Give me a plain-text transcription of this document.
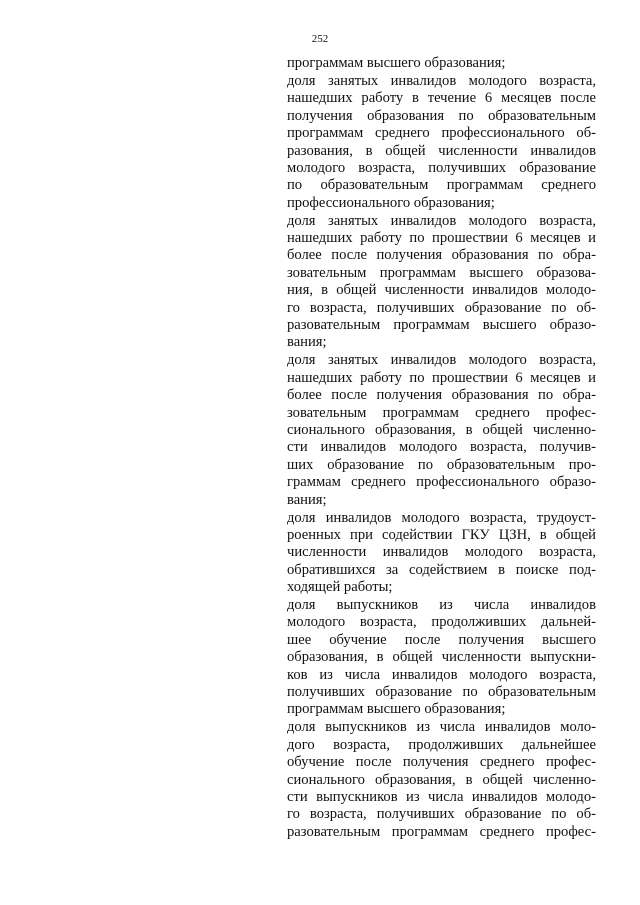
252
программам высшего образования;
доля занятых инвалидов молодого возраста,
нашедших работу в течение 6 месяцев после
получения образования по образовательным
программам среднего профессионального об-
разования, в общей численности инвалидов
молодого возраста, получивших образование
по образовательным программам среднего
профессионального образования;
доля занятых инвалидов молодого возраста,
нашедших работу по прошествии 6 месяцев и
более после получения образования по обра-
зовательным программам высшего образова-
ния, в общей численности инвалидов молодо-
го возраста, получивших образование по об-
разовательным программам высшего образо-
вания;
доля занятых инвалидов молодого возраста,
нашедших работу по прошествии 6 месяцев и
более после получения образования по обра-
зовательным программам среднего профес-
сионального образования, в общей численно-
сти инвалидов молодого возраста, получив-
ших образование по образовательным про-
граммам среднего профессионального образо-
вания;
доля инвалидов молодого возраста, трудоуст-
роенных при содействии ГКУ ЦЗН, в общей
численности инвалидов молодого возраста,
обратившихся за содействием в поиске под-
ходящей работы;
доля выпускников из числа инвалидов
молодого возраста, продолживших дальней-
шее обучение после получения высшего
образования, в общей численности выпускни-
ков из числа инвалидов молодого возраста,
получивших образование по образовательным
программам высшего образования;
доля выпускников из числа инвалидов моло-
дого возраста, продолживших дальнейшее
обучение после получения среднего профес-
сионального образования, в общей численно-
сти выпускников из числа инвалидов молодо-
го возраста, получивших образование по об-
разовательным программам среднего профес-
